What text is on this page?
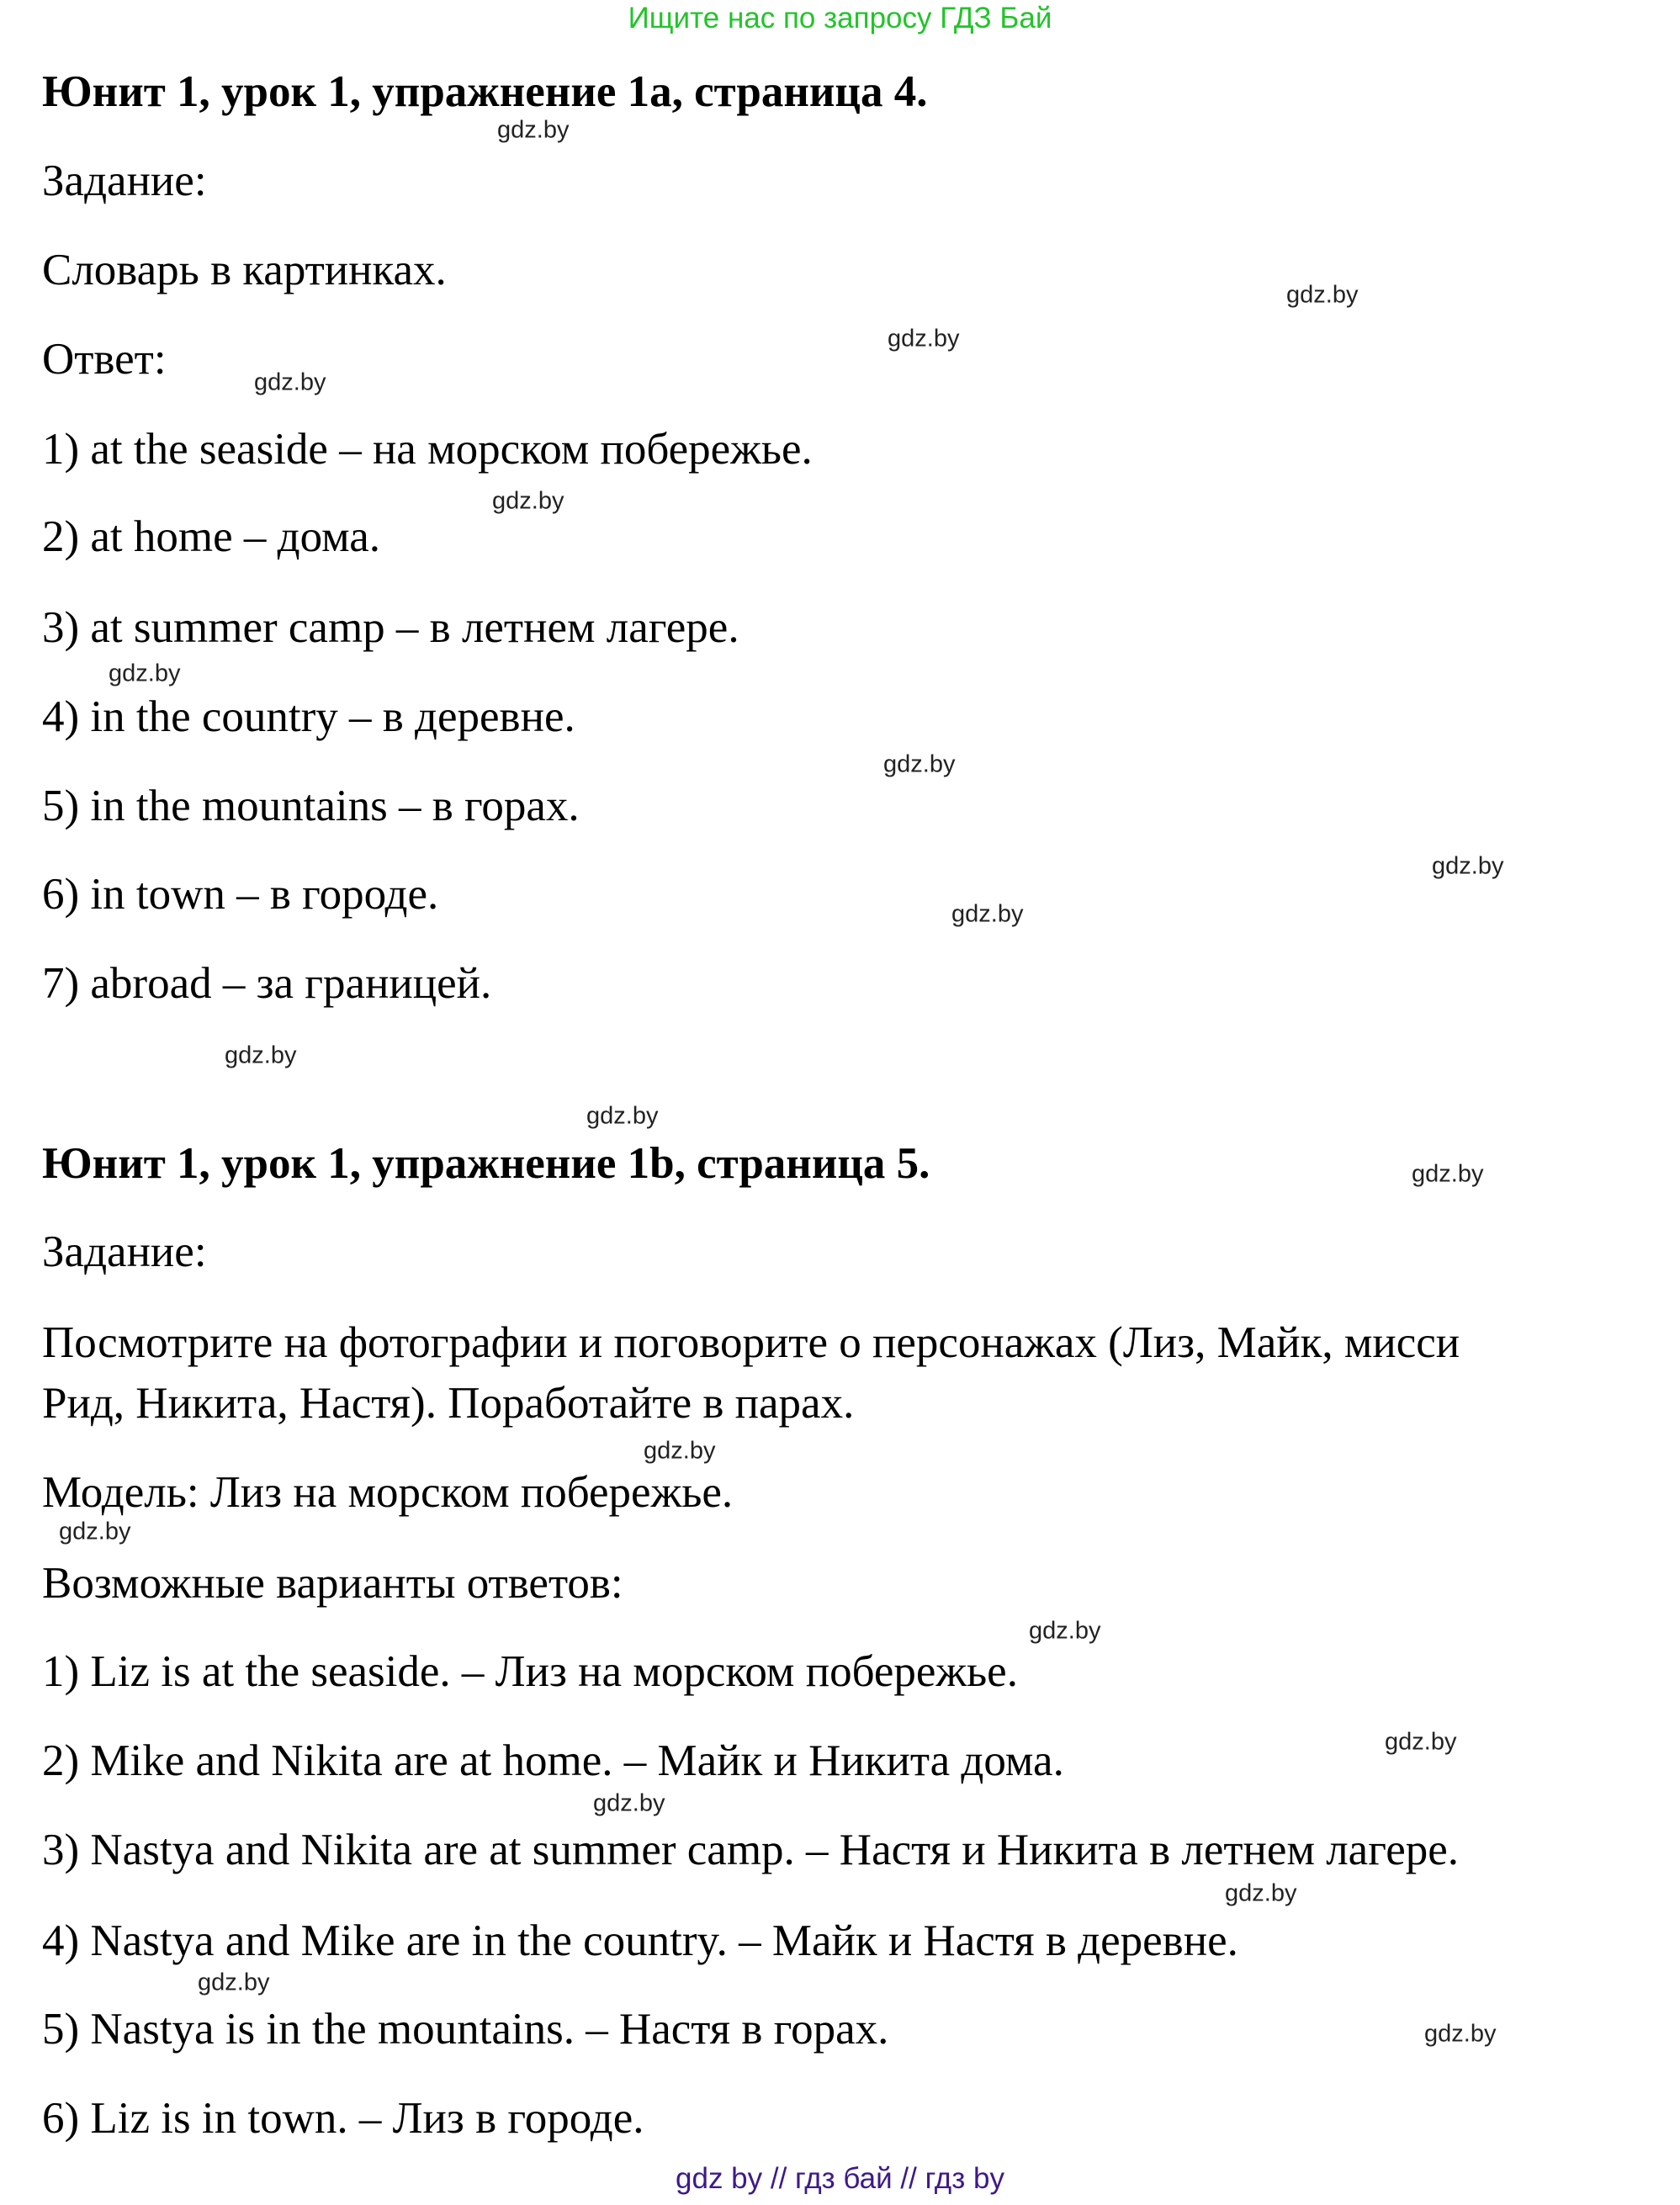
Ищите нас по запросу ГДЗ Бай
Юнит 1, урок 1, упражнение 1a, страница 4.
Задание:
Словарь в картинках.
Ответ:
1) at the seaside – на морском побережье.
2) at home – дома.
3) at summer camp – в летнем лагере.
4) in the country – в деревне.
5) in the mountains – в горах.
6) in town – в городе.
7) abroad – за границей.
Юнит 1, урок 1, упражнение 1b, страница 5.
Задание:
Посмотрите на фотографии и поговорите о персонажах (Лиз, Майк, мисси
Рид, Никита, Настя). Поработайте в парах.
Модель: Лиз на морском побережье.
Возможные варианты ответов:
1) Liz is at the seaside. – Лиз на морском побережье.
2) Mike and Nikita are at home. – Майк и Никита дома.
3) Nastya and Nikita are at summer camp. – Настя и Никита в летнем лагере.
4) Nastya and Mike are in the country. – Майк и Настя в деревне.
5) Nastya is in the mountains. – Настя в горах.
6) Liz is in town. – Лиз в городе.
gdz.by
gdz.by
gdz.by
gdz.by
gdz.by
gdz.by
gdz.by
gdz.by
gdz.by
gdz.by
gdz.by
gdz.by
gdz.by
gdz.by
gdz.by
gdz.by
gdz.by
gdz.by
gdz.by
gdz.by
gdz by // гдз бай // гдз by
